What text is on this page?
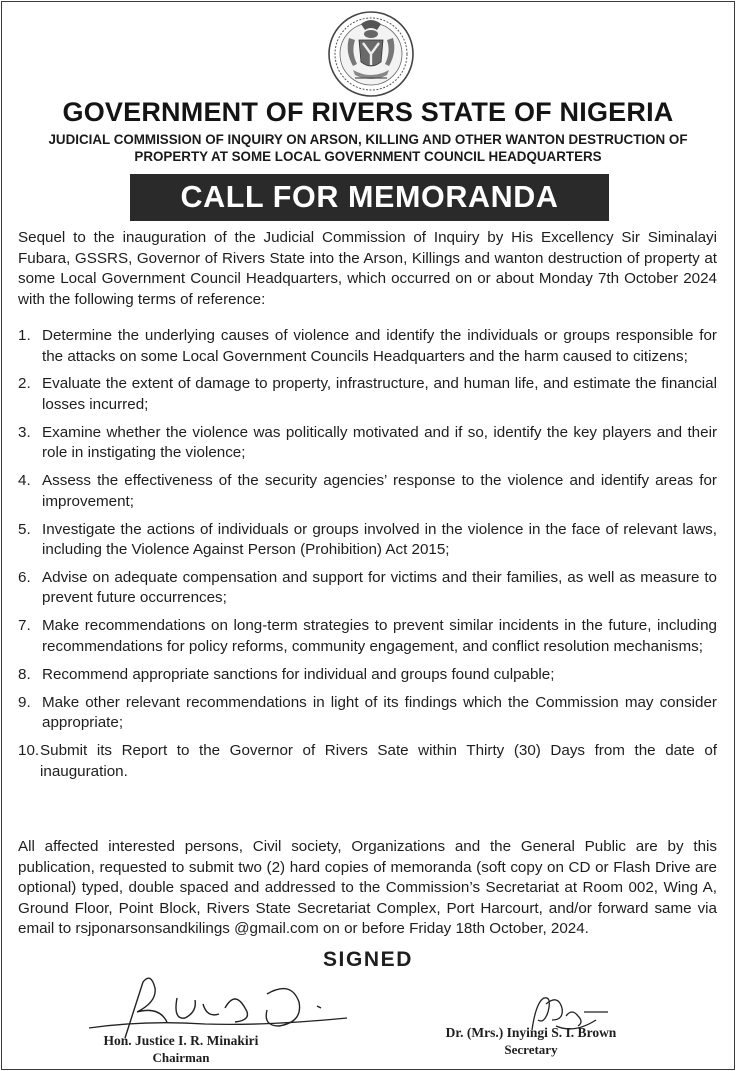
GOVERNMENT OF RIVERS STATE OF NIGERIA
JUDICIAL COMMISSION OF INQUIRY ON ARSON, KILLING AND OTHER WANTON DESTRUCTION OF
PROPERTY AT SOME LOCAL GOVERNMENT COUNCIL HEADQUARTERS
CALL FOR MEMORANDA

Sequel to the inauguration of the Judicial Commission of Inquiry by His Excellency Sir Siminalayi Fubara, GSSRS, Governor of Rivers State into the Arson, Killings and wanton destruction of property at some Local Government Council Headquarters, which occurred on or about Monday 7th October 2024 with the following terms of reference:

1. Determine the underlying causes of violence and identify the individuals or groups responsible for the attacks on some Local Government Councils Headquarters and the harm caused to citizens;
2. Evaluate the extent of damage to property, infrastructure, and human life, and estimate the financial losses incurred;
3. Examine whether the violence was politically motivated and if so, identify the key players and their role in instigating the violence;
4. Assess the effectiveness of the security agencies’ response to the violence and identify areas for improvement;
5. Investigate the actions of individuals or groups involved in the violence in the face of relevant laws, including the Violence Against Person (Prohibition) Act 2015;
6. Advise on adequate compensation and support for victims and their families, as well as measure to prevent future occurrences;
7. Make recommendations on long-term strategies to prevent similar incidents in the future, including recommendations for policy reforms, community engagement, and conflict resolution mechanisms;
8. Recommend appropriate sanctions for individual and groups found culpable;
9. Make other relevant recommendations in light of its findings which the Commission may consider appropriate;
10. Submit its Report to the Governor of Rivers Sate within Thirty (30) Days from the date of inauguration.

All affected interested persons, Civil society, Organizations and the General Public are by this publication, requested to submit two (2) hard copies of memoranda (soft copy on CD or Flash Drive are optional) typed, double spaced and addressed to the Commission’s Secretariat at Room 002, Wing A, Ground Floor, Point Block, Rivers State Secretariat Complex, Port Harcourt, and/or forward same via email to rsjponarsonsandkilings @gmail.com on or before Friday 18th October, 2024.

SIGNED
Hon. Justice I. R. Minakiri
Chairman
Dr. (Mrs.) Inyingi S. I. Brown
Secretary
